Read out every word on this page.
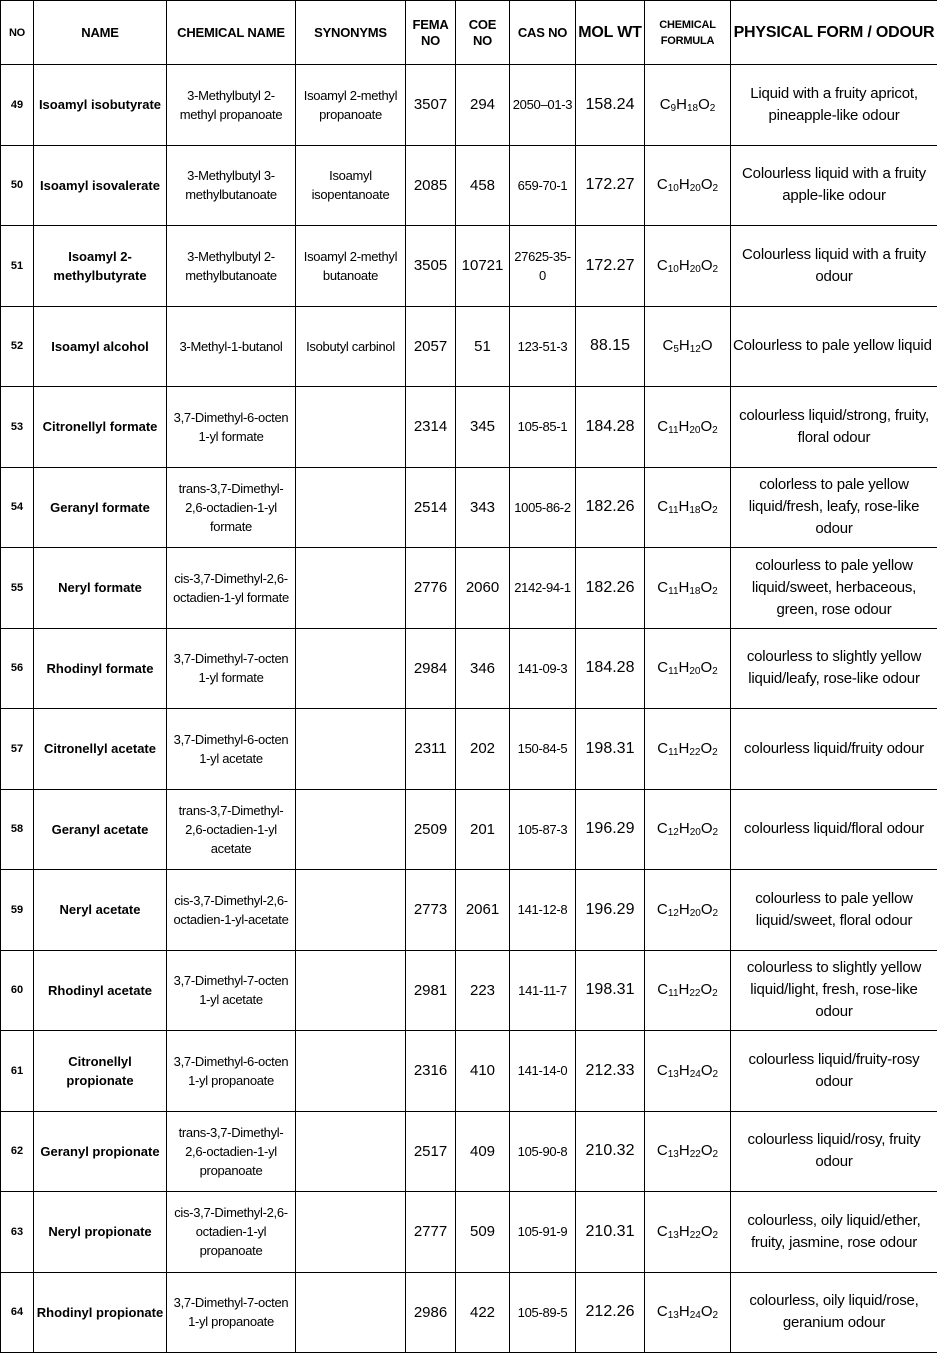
NO	NAME	CHEMICAL NAME	SYNONYMS	FEMA NO	COE NO	CAS NO	MOL WT	CHEMICAL FORMULA	PHYSICAL FORM / ODOUR
49	Isoamyl isobutyrate	3-Methylbutyl 2-methyl propanoate	Isoamyl 2-methyl propanoate	3507	294	2050–01-3	158.24	$C_9H_{18}O_2$	Liquid with a fruity apricot, pineapple-like odour
50	Isoamyl isovalerate	3-Methylbutyl 3-methylbutanoate	Isoamyl isopentanoate	2085	458	659-70-1	172.27	$C_{10}H_{20}O_2$	Colourless liquid with a fruity apple-like odour
51	Isoamyl 2-methylbutyrate	3-Methylbutyl 2-methylbutanoate	Isoamyl 2-methyl butanoate	3505	10721	27625-35-0	172.27	$C_{10}H_{20}O_2$	Colourless liquid with a fruity odour
52	Isoamyl alcohol	3-Methyl-1-butanol	Isobutyl carbinol	2057	51	123-51-3	88.15	$C_5H_{12}O$	Colourless to pale yellow liquid
53	Citronellyl formate	3,7-Dimethyl-6-octen 1-yl formate		2314	345	105-85-1	184.28	$C_{11}H_{20}O_2$	colourless liquid/strong, fruity, floral odour
54	Geranyl formate	trans-3,7-Dimethyl-2,6-octadien-1-yl formate		2514	343	1005-86-2	182.26	$C_{11}H_{18}O_2$	colorless to pale yellow liquid/fresh, leafy, rose-like odour
55	Neryl formate	cis-3,7-Dimethyl-2,6-octadien-1-yl formate		2776	2060	2142-94-1	182.26	$C_{11}H_{18}O_2$	colourless to pale yellow liquid/sweet, herbaceous, green, rose odour
56	Rhodinyl formate	3,7-Dimethyl-7-octen 1-yl formate		2984	346	141-09-3	184.28	$C_{11}H_{20}O_2$	colourless to slightly yellow liquid/leafy, rose-like odour
57	Citronellyl acetate	3,7-Dimethyl-6-octen 1-yl acetate		2311	202	150-84-5	198.31	$C_{11}H_{22}O_2$	colourless liquid/fruity odour
58	Geranyl acetate	trans-3,7-Dimethyl-2,6-octadien-1-yl acetate		2509	201	105-87-3	196.29	$C_{12}H_{20}O_2$	colourless liquid/floral odour
59	Neryl acetate	cis-3,7-Dimethyl-2,6-octadien-1-yl-acetate		2773	2061	141-12-8	196.29	$C_{12}H_{20}O_2$	colourless to pale yellow liquid/sweet, floral odour
60	Rhodinyl acetate	3,7-Dimethyl-7-octen 1-yl acetate		2981	223	141-11-7	198.31	$C_{11}H_{22}O_2$	colourless to slightly yellow liquid/light, fresh, rose-like odour
61	Citronellyl propionate	3,7-Dimethyl-6-octen 1-yl propanoate		2316	410	141-14-0	212.33	$C_{13}H_{24}O_2$	colourless liquid/fruity-rosy odour
62	Geranyl propionate	trans-3,7-Dimethyl-2,6-octadien-1-yl propanoate		2517	409	105-90-8	210.32	$C_{13}H_{22}O_2$	colourless liquid/rosy, fruity odour
63	Neryl propionate	cis-3,7-Dimethyl-2,6-octadien-1-yl propanoate		2777	509	105-91-9	210.31	$C_{13}H_{22}O_2$	colourless, oily liquid/ether, fruity, jasmine, rose odour
64	Rhodinyl propionate	3,7-Dimethyl-7-octen 1-yl propanoate		2986	422	105-89-5	212.26	$C_{13}H_{24}O_2$	colourless, oily liquid/rose, geranium odour
